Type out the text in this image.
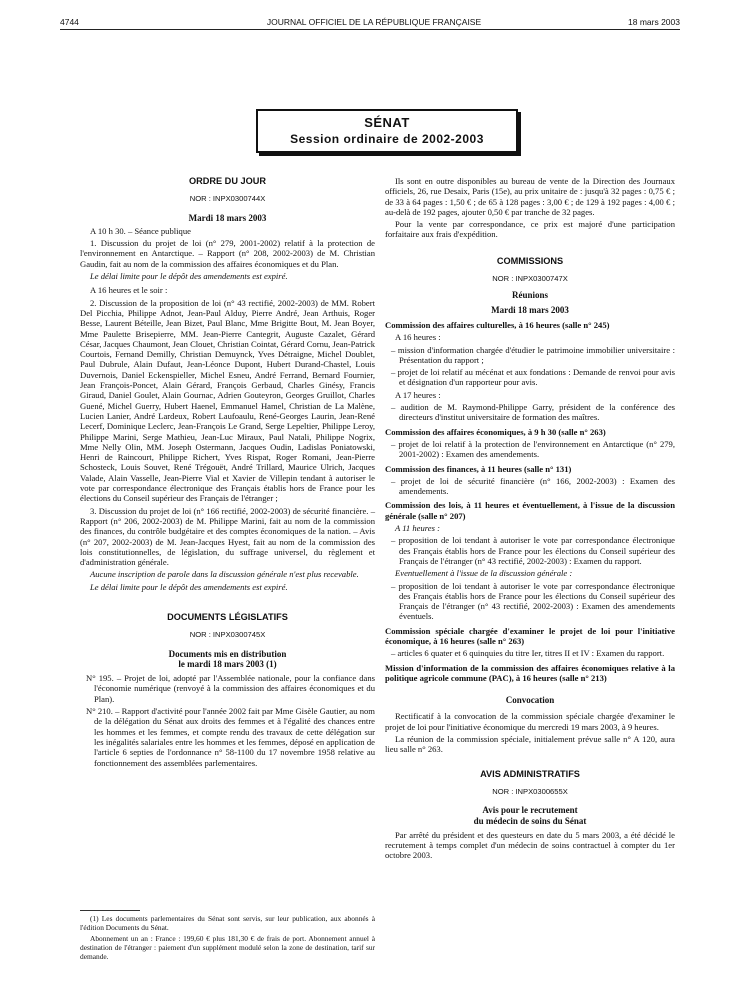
4744	JOURNAL OFFICIEL DE LA RÉPUBLIQUE FRANÇAISE	18 mars 2003
SÉNAT
Session ordinaire de 2002-2003
ORDRE DU JOUR
NOR : INPX0300744X
Mardi 18 mars 2003

A 10 h 30. – Séance publique

1. Discussion du projet de loi (n° 279, 2001-2002) relatif à la protection de l'environnement en Antarctique. – Rapport (n° 208, 2002-2003) de M. Christian Gaudin, fait au nom de la commission des affaires économiques et du Plan.

Le délai limite pour le dépôt des amendements est expiré.

A 16 heures et le soir :

2. Discussion de la proposition de loi (n° 43 rectifié, 2002-2003) de MM. Robert Del Picchia, Philippe Adnot, Jean-Paul Alduy, Pierre André, Jean Arthuis, Roger Besse, Laurent Béteille, Jean Bizet, Paul Blanc, Mme Brigitte Bout, M. Jean Boyer, Mme Paulette Brisepierre, MM. Jean-Pierre Cantegrit, Auguste Cazalet, Gérard César, Jacques Chaumont, Jean Clouet, Christian Cointat, Gérard Cornu, Jean-Patrick Courtois, Fernand Demilly, Christian Demuynck, Yves Détraigne, Michel Doublet, Paul Dubrule, Alain Dufaut, Jean-Léonce Dupont, Hubert Durand-Chastel, Louis Duvernois, Daniel Eckenspieller, Michel Esneu, André Ferrand, Bernard Fournier, Jean François-Poncet, Alain Gérard, François Gerbaud, Charles Ginésy, Francis Giraud, Daniel Goulet, Alain Gournac, Adrien Gouteyron, Georges Gruillot, Charles Guené, Michel Guerry, Hubert Haenel, Emmanuel Hamel, Christian de La Malène, Lucien Lanier, André Lardeux, Robert Laufoaulu, René-Georges Laurin, Jean-René Lecerf, Dominique Leclerc, Jean-François Le Grand, Serge Lepeltier, Philippe Leroy, Philippe Marini, Serge Mathieu, Jean-Luc Miraux, Paul Natali, Philippe Nogrix, Mme Nelly Olin, MM. Joseph Ostermann, Jacques Oudin, Ladislas Poniatowski, Henri de Raincourt, Philippe Richert, Yves Rispat, Roger Romani, Jean-Pierre Schosteck, Louis Souvet, René Trégouët, André Trillard, Maurice Ulrich, Jacques Valade, Alain Vasselle, Jean-Pierre Vial et Xavier de Villepin tendant à autoriser le vote par correspondance électronique des Français établis hors de France pour les élections du Conseil supérieur des Français de l'étranger ;

3. Discussion du projet de loi (n° 166 rectifié, 2002-2003) de sécurité financière. – Rapport (n° 206, 2002-2003) de M. Philippe Marini, fait au nom de la commission des finances, du contrôle budgétaire et des comptes économiques de la nation. – Avis (n° 207, 2002-2003) de M. Jean-Jacques Hyest, fait au nom de la commission des lois constitutionnelles, de législation, du suffrage universel, du règlement et d'administration générale.

Aucune inscription de parole dans la discussion générale n'est plus recevable.

Le délai limite pour le dépôt des amendements est expiré.

DOCUMENTS LÉGISLATIFS
NOR : INPX0300745X
Documents mis en distribution
le mardi 18 mars 2003 (1)

N° 195. – Projet de loi, adopté par l'Assemblée nationale, pour la confiance dans l'économie numérique (renvoyé à la commission des affaires économiques et du Plan).

N° 210. – Rapport d'activité pour l'année 2002 fait par Mme Gisèle Gautier, au nom de la délégation du Sénat aux droits des femmes et à l'égalité des chances entre les hommes et les femmes, et compte rendu des travaux de cette délégation sur les inégalités salariales entre les hommes et les femmes, déposé en application de l'article 6 septies de l'ordonnance n° 58-1100 du 17 novembre 1958 relative au fonctionnement des assemblées parlementaires.

(1) Les documents parlementaires du Sénat sont servis, sur leur publication, aux abonnés à l'édition Documents du Sénat.

Abonnement un an : France : 199,60 € plus 181,30 € de frais de port. Abonnement annuel à destination de l'étranger : paiement d'un supplément modulé selon la zone de destination, tarif sur demande.

Ils sont en outre disponibles au bureau de vente de la Direction des Journaux officiels, 26, rue Desaix, Paris (15e), au prix unitaire de : jusqu'à 32 pages : 0,75 € ; de 33 à 64 pages : 1,50 € ; de 65 à 128 pages : 3,00 € ; de 129 à 192 pages : 4,00 € ; au-delà de 192 pages, ajouter 0,50 € par tranche de 32 pages.

Pour la vente par correspondance, ce prix est majoré d'une participation forfaitaire aux frais d'expédition.

COMMISSIONS
NOR : INPX0300747X
Réunions
Mardi 18 mars 2003

Commission des affaires culturelles, à 16 heures (salle n° 245)

A 16 heures :

– mission d'information chargée d'étudier le patrimoine immobilier universitaire : Présentation du rapport ;

– projet de loi relatif au mécénat et aux fondations : Demande de renvoi pour avis et désignation d'un rapporteur pour avis.

A 17 heures :

– audition de M. Raymond-Philippe Garry, président de la conférence des directeurs d'institut universitaire de formation des maîtres.

Commission des affaires économiques, à 9 h 30 (salle n° 263)

– projet de loi relatif à la protection de l'environnement en Antarctique (n° 279, 2001-2002) : Examen des amendements.

Commission des finances, à 11 heures (salle n° 131)

– projet de loi de sécurité financière (n° 166, 2002-2003) : Examen des amendements.

Commission des lois, à 11 heures et éventuellement, à l'issue de la discussion générale (salle n° 207)

A 11 heures :

– proposition de loi tendant à autoriser le vote par correspondance électronique des Français établis hors de France pour les élections du Conseil supérieur des Français de l'étranger (n° 43 rectifié, 2002-2003) : Examen du rapport.

Eventuellement à l'issue de la discussion générale :

– proposition de loi tendant à autoriser le vote par correspondance électronique des Français établis hors de France pour les élections du Conseil supérieur des Français de l'étranger (n° 43 rectifié, 2002-2003) : Examen des amendements éventuels.

Commission spéciale chargée d'examiner le projet de loi pour l'initiative économique, à 16 heures (salle n° 263)

– articles 6 quater et 6 quinquies du titre Ier, titres II et IV : Examen du rapport.

Mission d'information de la commission des affaires économiques relative à la politique agricole commune (PAC), à 16 heures (salle n° 213)

Convocation

Rectificatif à la convocation de la commission spéciale chargée d'examiner le projet de loi pour l'initiative économique du mercredi 19 mars 2003, à 9 heures.

La réunion de la commission spéciale, initialement prévue salle n° A 120, aura lieu salle n° 263.

AVIS ADMINISTRATIFS
NOR : INPX0300655X
Avis pour le recrutement
du médecin de soins du Sénat

Par arrêté du président et des questeurs en date du 5 mars 2003, a été décidé le recrutement à temps complet d'un médecin de soins contractuel à compter du 1er octobre 2003.
